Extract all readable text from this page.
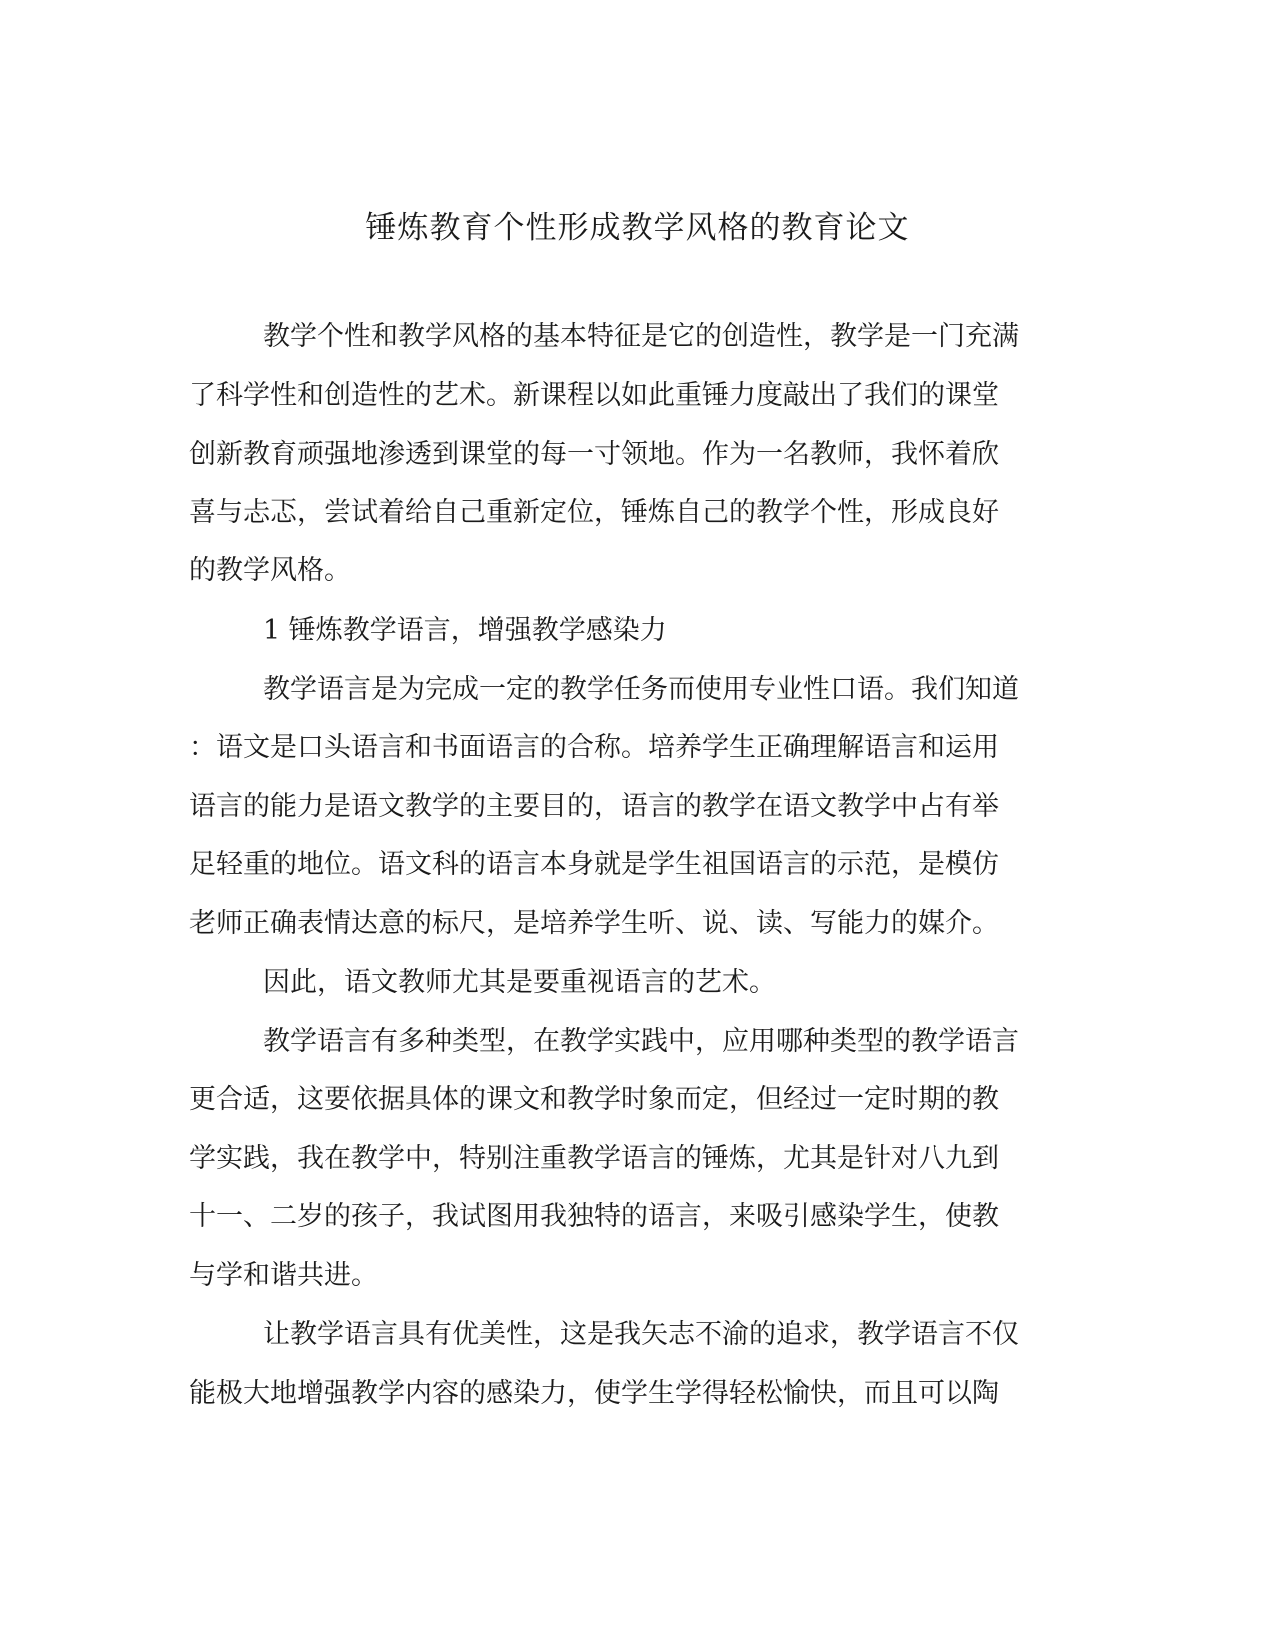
锤炼教育个性形成教学风格的教育论文

教学个性和教学风格的基本特征是它的创造性，教学是一门充满

了科学性和创造性的艺术。新课程以如此重锤力度敲出了我们的课堂

创新教育顽强地渗透到课堂的每一寸领地。作为一名教师，我怀着欣

喜与忐忑，尝试着给自己重新定位，锤炼自己的教学个性，形成良好

的教学风格。

1 锤炼教学语言，增强教学感染力

教学语言是为完成一定的教学任务而使用专业性口语。我们知道

：语文是口头语言和书面语言的合称。培养学生正确理解语言和运用

语言的能力是语文教学的主要目的，语言的教学在语文教学中占有举

足轻重的地位。语文科的语言本身就是学生祖国语言的示范，是模仿

老师正确表情达意的标尺，是培养学生听、说、读、写能力的媒介。

因此，语文教师尤其是要重视语言的艺术。

教学语言有多种类型，在教学实践中，应用哪种类型的教学语言

更合适，这要依据具体的课文和教学时象而定，但经过一定时期的教

学实践，我在教学中，特别注重教学语言的锤炼，尤其是针对八九到

十一、二岁的孩子，我试图用我独特的语言，来吸引感染学生，使教

与学和谐共进。

让教学语言具有优美性，这是我矢志不渝的追求，教学语言不仅

能极大地增强教学内容的感染力，使学生学得轻松愉快，而且可以陶
